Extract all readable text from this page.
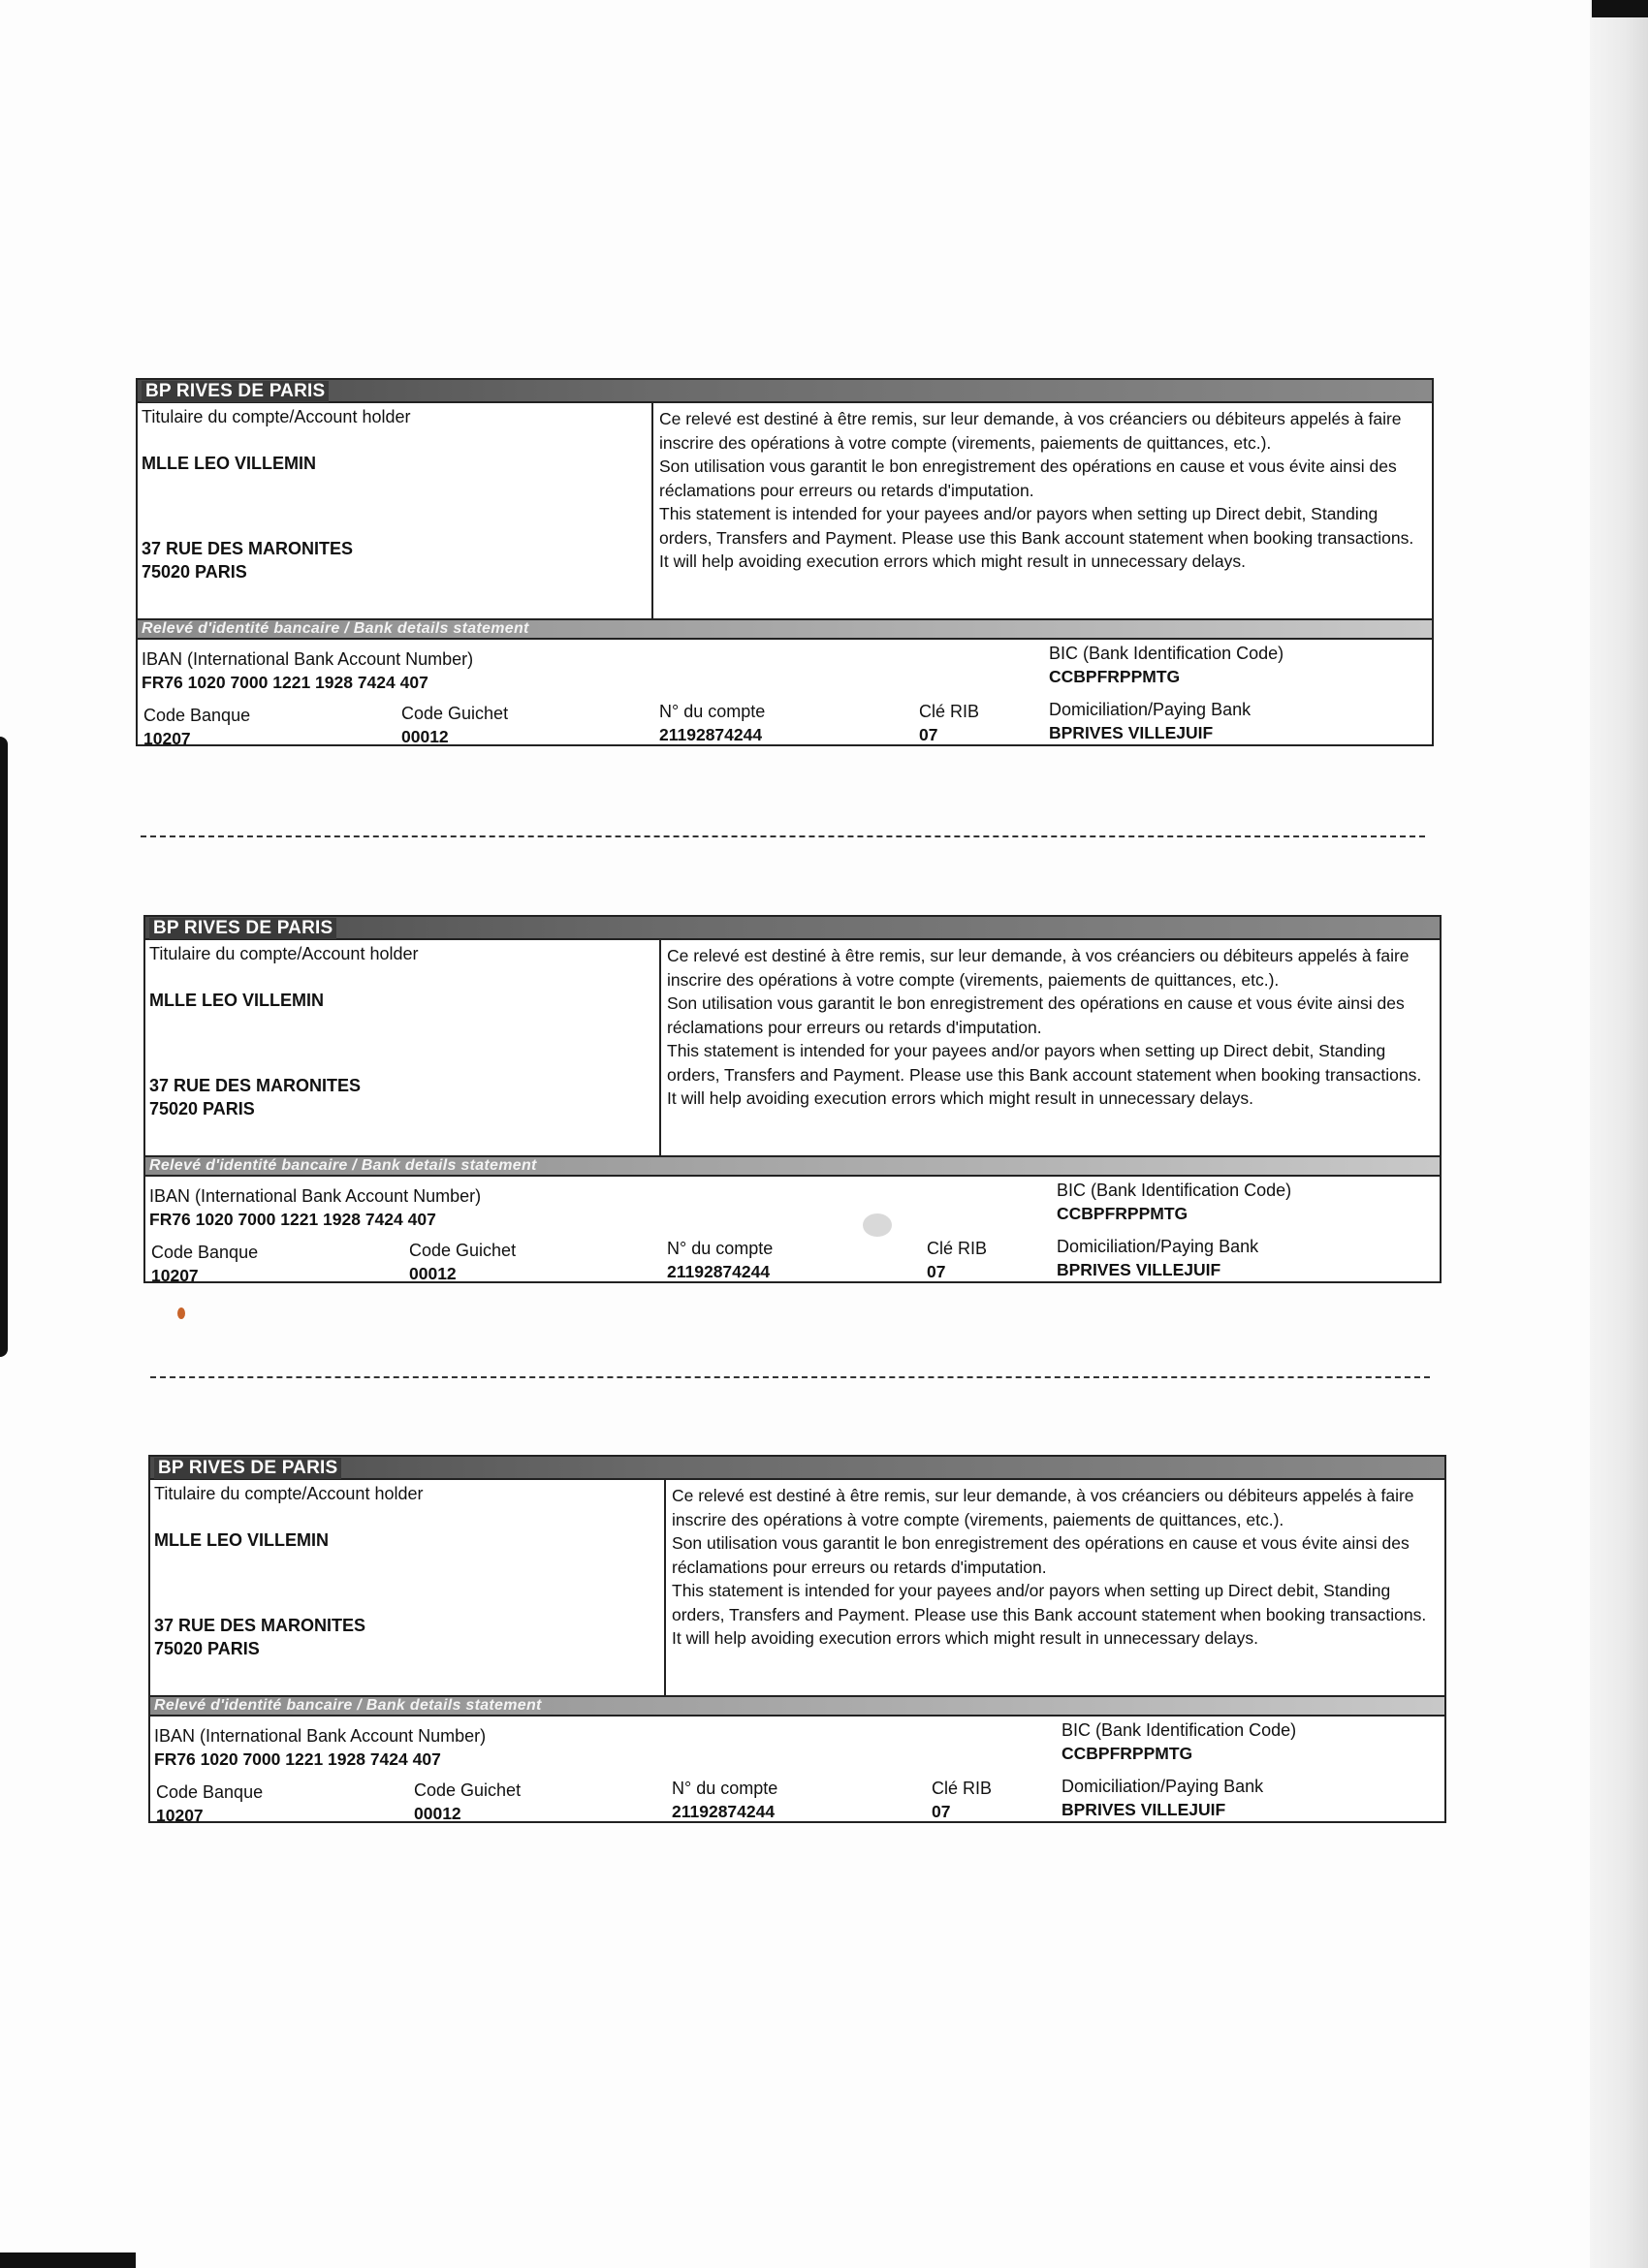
BP RIVES DE PARIS
Titulaire du compte/Account holder
MLLE LEO VILLEMIN
37 RUE DES MARONITES
75020 PARIS

Ce relevé est destiné à être remis, sur leur demande, à vos créanciers ou débiteurs appelés à faire inscrire des opérations à votre compte (virements, paiements de quittances, etc.).

Son utilisation vous garantit le bon enregistrement des opérations en cause et vous évite ainsi des réclamations pour erreurs ou retards d'imputation.

This statement is intended for your payees and/or payors when setting up Direct debit, Standing orders, Transfers and Payment. Please use this Bank account statement when booking transactions. It will help avoiding execution errors which might result in unnecessary delays.

Relevé d'identité bancaire / Bank details statement
IBAN (International Bank Account Number)
FR76 1020 7000 1221 1928 7424 407
BIC (Bank Identification Code)
CCBPFRPPMTG
Code Banque
10207
Code Guichet
00012
N° du compte
21192874244
Clé RIB
07
Domiciliation/Paying Bank
BPRIVES VILLEJUIF
BP RIVES DE PARIS
Titulaire du compte/Account holder
MLLE LEO VILLEMIN
37 RUE DES MARONITES
75020 PARIS

Ce relevé est destiné à être remis, sur leur demande, à vos créanciers ou débiteurs appelés à faire inscrire des opérations à votre compte (virements, paiements de quittances, etc.).

Son utilisation vous garantit le bon enregistrement des opérations en cause et vous évite ainsi des réclamations pour erreurs ou retards d'imputation.

This statement is intended for your payees and/or payors when setting up Direct debit, Standing orders, Transfers and Payment. Please use this Bank account statement when booking transactions. It will help avoiding execution errors which might result in unnecessary delays.

Relevé d'identité bancaire / Bank details statement
IBAN (International Bank Account Number)
FR76 1020 7000 1221 1928 7424 407
BIC (Bank Identification Code)
CCBPFRPPMTG
Code Banque
10207
Code Guichet
00012
N° du compte
21192874244
Clé RIB
07
Domiciliation/Paying Bank
BPRIVES VILLEJUIF
BP RIVES DE PARIS
Titulaire du compte/Account holder
MLLE LEO VILLEMIN
37 RUE DES MARONITES
75020 PARIS

Ce relevé est destiné à être remis, sur leur demande, à vos créanciers ou débiteurs appelés à faire inscrire des opérations à votre compte (virements, paiements de quittances, etc.).

Son utilisation vous garantit le bon enregistrement des opérations en cause et vous évite ainsi des réclamations pour erreurs ou retards d'imputation.

This statement is intended for your payees and/or payors when setting up Direct debit, Standing orders, Transfers and Payment. Please use this Bank account statement when booking transactions. It will help avoiding execution errors which might result in unnecessary delays.

Relevé d'identité bancaire / Bank details statement
IBAN (International Bank Account Number)
FR76 1020 7000 1221 1928 7424 407
BIC (Bank Identification Code)
CCBPFRPPMTG
Code Banque
10207
Code Guichet
00012
N° du compte
21192874244
Clé RIB
07
Domiciliation/Paying Bank
BPRIVES VILLEJUIF
